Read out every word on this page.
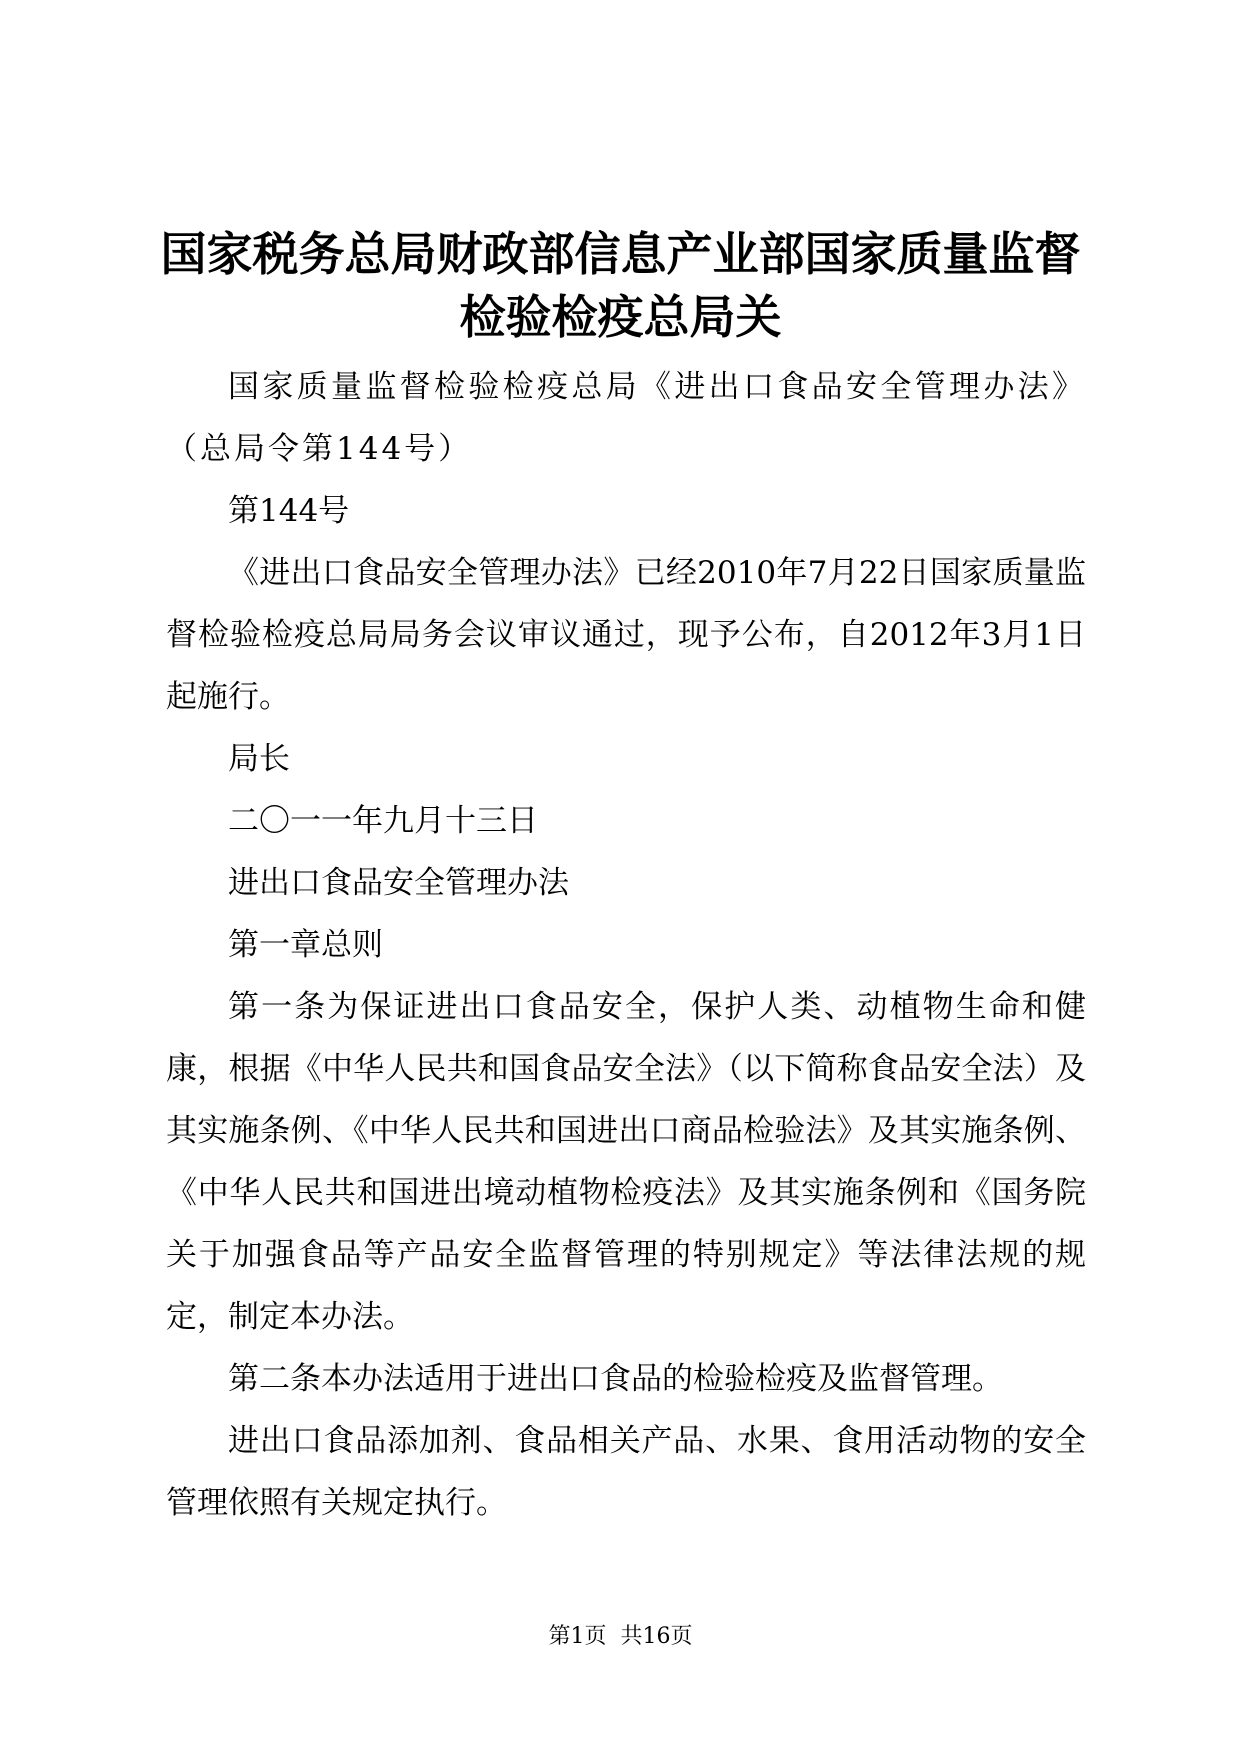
国家税务总局财政部信息产业部国家质量监督
检验检疫总局关

国家质量监督检验检疫总局《进出口食品安全管理办法》（总局令第144号）

第144号

《进出口食品安全管理办法》已经2010年7月22日国家质量监督检验检疫总局局务会议审议通过，现予公布，自2012年3月1日起施行。

局长

二〇一一年九月十三日

进出口食品安全管理办法

第一章总则

第一条为保证进出口食品安全，保护人类、动植物生命和健康，根据《中华人民共和国食品安全法》（以下简称食品安全法）及其实施条例、《中华人民共和国进出口商品检验法》及其实施条例、《中华人民共和国进出境动植物检疫法》及其实施条例和《国务院关于加强食品等产品安全监督管理的特别规定》等法律法规的规定，制定本办法。

第二条本办法适用于进出口食品的检验检疫及监督管理。

进出口食品添加剂、食品相关产品、水果、食用活动物的安全管理依照有关规定执行。

第1页 共16页
